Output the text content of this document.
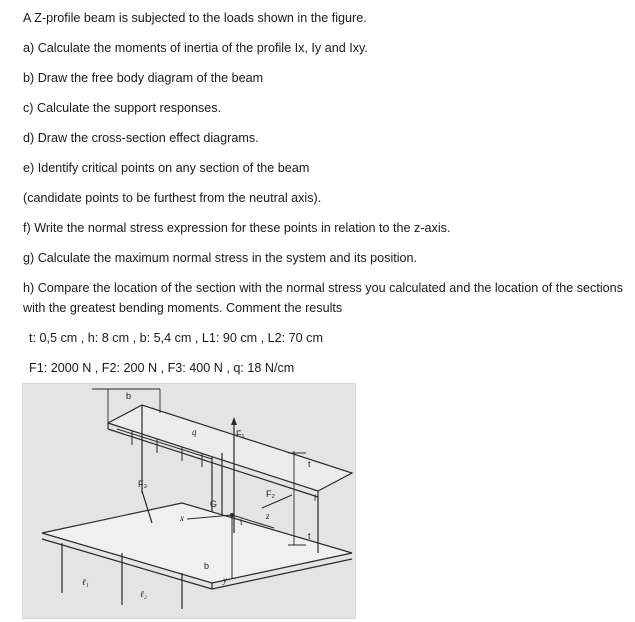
A Z-profile beam is subjected to the loads shown in the figure.
a) Calculate the moments of inertia of the profile Ix, Iy and Ixy.
b) Draw the free body diagram of the beam
c) Calculate the support responses.
d) Draw the cross-section effect diagrams.
e) Identify critical points on any section of the beam
(candidate points to be furthest from the neutral axis).
f) Write the normal stress expression for these points in relation to the z-axis.
g) Calculate the maximum normal stress in the system and its position.
h) Compare the location of the section with the normal stress you calculated and the location of the sections with the greatest bending moments. Comment the results
t: 0,5 cm , h: 8 cm , b: 5,4 cm , L1: 90 cm , L2: 70 cm
F1: 2000 N , F2: 200 N , F3: 400 N , q: 18 N/cm
b
q	F₁
F₃
F₂
G
x	z
y
t
t
t
h
b
ℓ₁
ℓ₂
